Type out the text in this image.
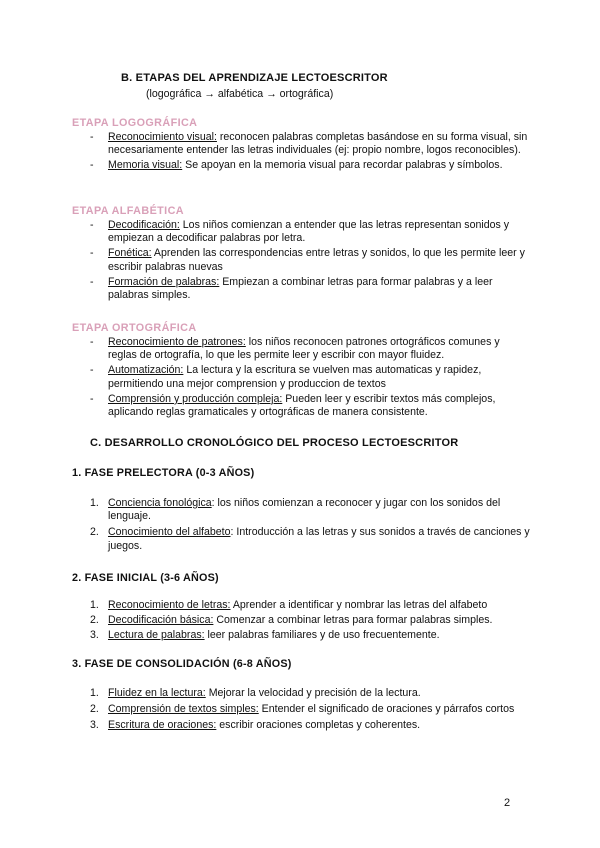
B. ETAPAS DEL APRENDIZAJE LECTOESCRITOR
(logográfica → alfabética → ortográfica)
ETAPA LOGOGRÁFICA
- Reconocimiento visual: reconocen palabras completas basándose en su forma visual, sin necesariamente entender las letras individuales (ej: propio nombre, logos reconocibles).
- Memoria visual: Se apoyan en la memoria visual para recordar palabras y símbolos.
ETAPA ALFABÉTICA
- Decodificación: Los niños comienzan a entender que las letras representan sonidos y empiezan a decodificar palabras por letra.
- Fonética: Aprenden las correspondencias entre letras y sonidos, lo que les permite leer y escribir palabras nuevas
- Formación de palabras: Empiezan a combinar letras para formar palabras y a leer palabras simples.
ETAPA ORTOGRÁFICA
- Reconocimiento de patrones: los niños reconocen patrones ortográficos comunes y reglas de ortografía, lo que les permite leer y escribir con mayor fluidez.
- Automatización: La lectura y la escritura se vuelven mas automaticas y rapidez, permitiendo una mejor comprension y produccion de textos
- Comprensión y producción compleja: Pueden leer y escribir textos más complejos, aplicando reglas gramaticales y ortográficas de manera consistente.
C. DESARROLLO CRONOLÓGICO DEL PROCESO LECTOESCRITOR
1. FASE PRELECTORA (0-3 AÑOS)
1. Conciencia fonológica: los niños comienzan a reconocer y jugar con los sonidos del lenguaje.
2. Conocimiento del alfabeto: Introducción a las letras y sus sonidos a través de canciones y juegos.
2. FASE INICIAL (3-6 AÑOS)
1. Reconocimiento de letras: Aprender a identificar y nombrar las letras del alfabeto
2. Decodificación básica: Comenzar a combinar letras para formar palabras simples.
3. Lectura de palabras: leer palabras familiares y de uso frecuentemente.
3. FASE DE CONSOLIDACIÓN (6-8 AÑOS)
1. Fluidez en la lectura: Mejorar la velocidad y precisión de la lectura.
2. Comprensión de textos simples: Entender el significado de oraciones y párrafos cortos
3. Escritura de oraciones: escribir oraciones completas y coherentes.
2
